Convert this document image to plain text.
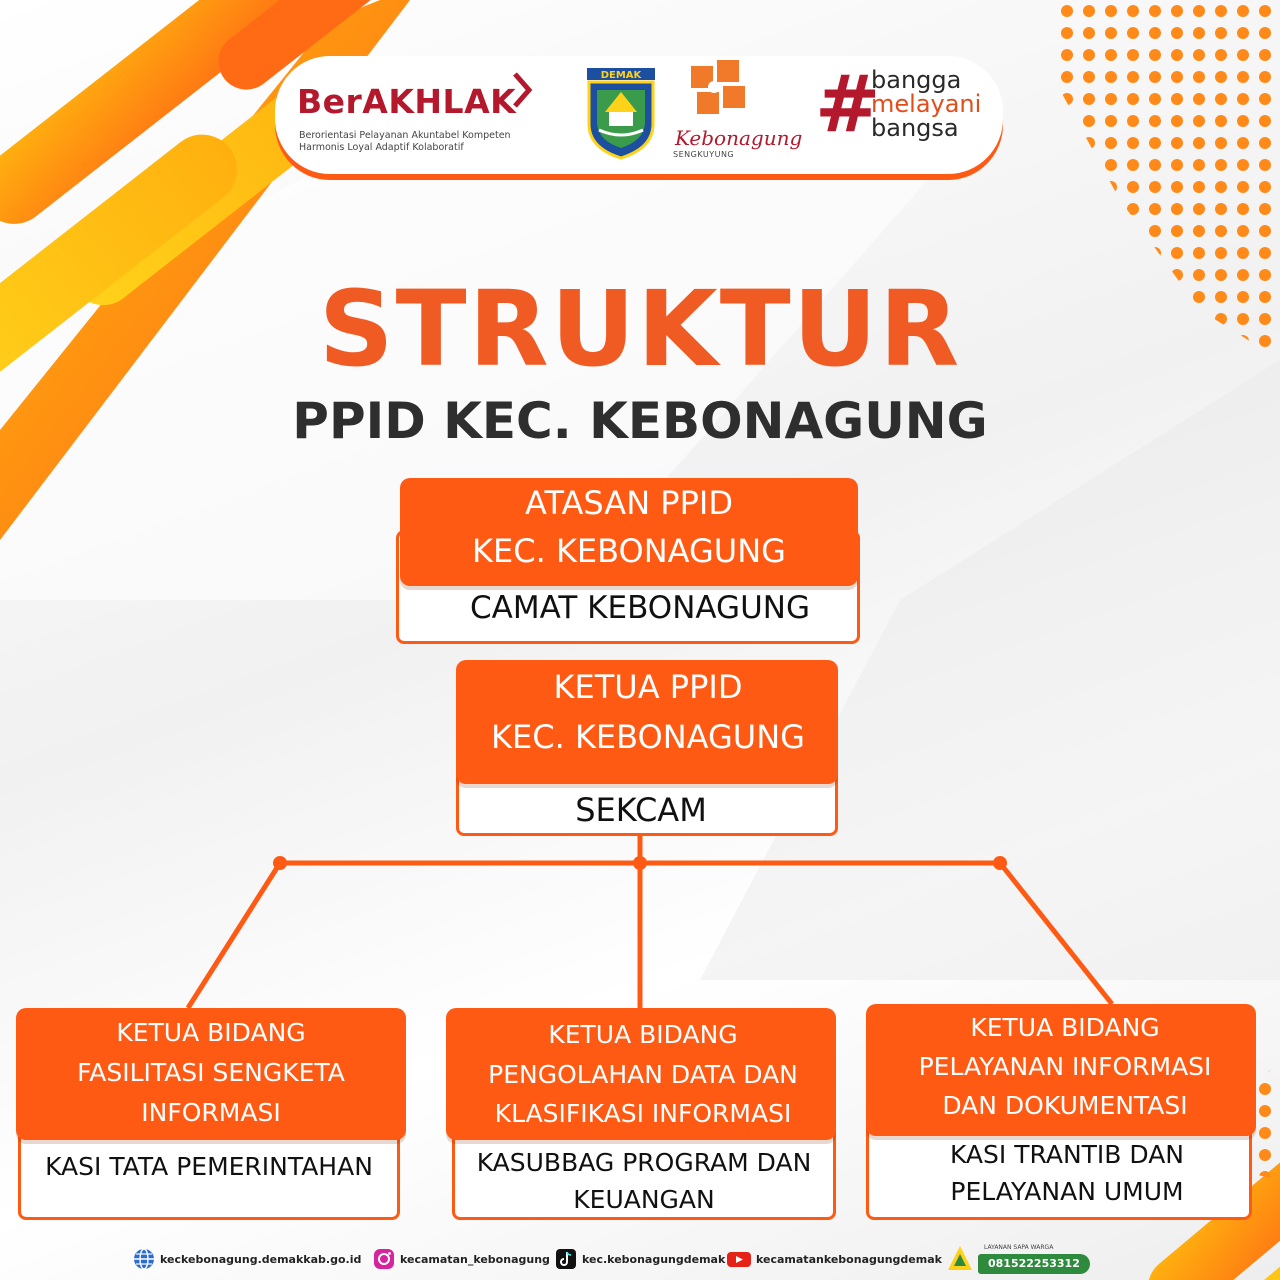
BerAKHLAK
Berorientasi Pelayanan Akuntabel Kompeten
Harmonis Loyal Adaptif Kolaboratif
DEMAK
Kebonagung
SENGKUYUNG
#
bangga
melayani
bangsa
STRUKTUR
PPID KEC. KEBONAGUNG
ATASAN PPID
KEC. KEBONAGUNG
CAMAT KEBONAGUNG
KETUA PPID
KEC. KEBONAGUNG
SEKCAM
KETUA BIDANG
FASILITASI SENGKETA
INFORMASI
KASI TATA PEMERINTAHAN
KETUA BIDANG
PENGOLAHAN DATA DAN
KLASIFIKASI INFORMASI
KASUBBAG PROGRAM DAN
KEUANGAN
KETUA BIDANG
PELAYANAN INFORMASI
DAN DOKUMENTASI
KASI TRANTIB DAN
PELAYANAN UMUM
keckebonagung.demakkab.go.id	kecamatan_kebonagung	kec.kebonagungdemak	kecamatankebonagungdemak
LAYANAN SAPA WARGA
081522253312
